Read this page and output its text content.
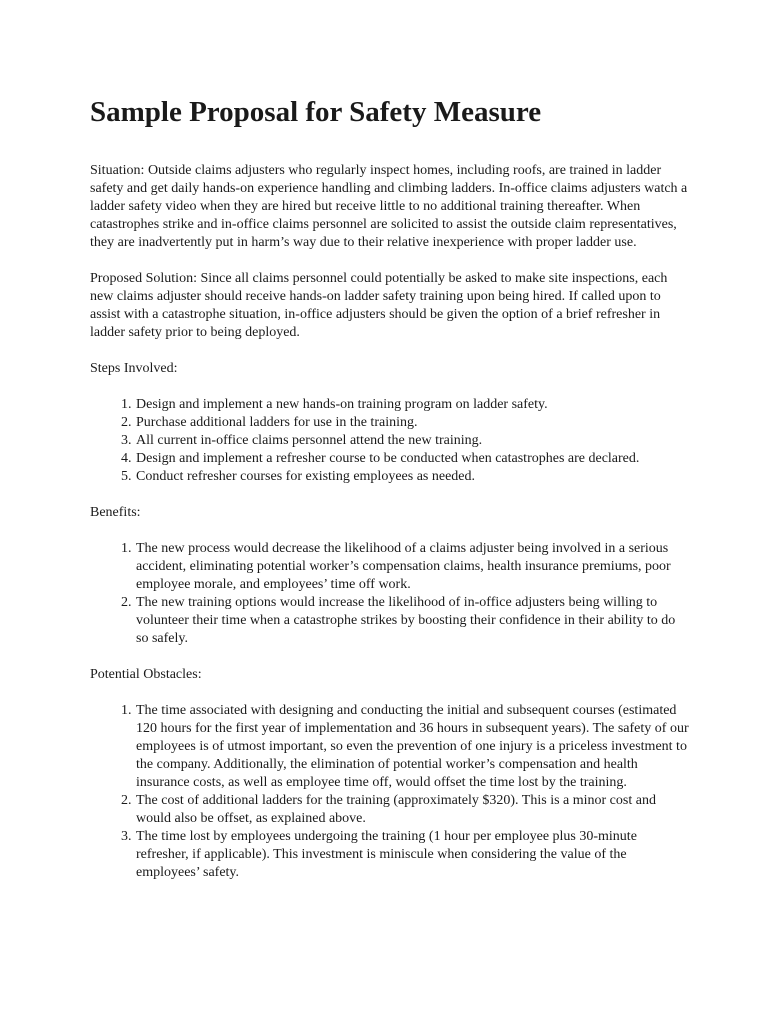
Sample Proposal for Safety Measure

Situation: Outside claims adjusters who regularly inspect homes, including roofs, are trained in ladder safety and get daily hands-on experience handling and climbing ladders. In-office claims adjusters watch a ladder safety video when they are hired but receive little to no additional training thereafter. When catastrophes strike and in-office claims personnel are solicited to assist the outside claim representatives, they are inadvertently put in harm’s way due to their relative inexperience with proper ladder use.

Proposed Solution: Since all claims personnel could potentially be asked to make site inspections, each new claims adjuster should receive hands-on ladder safety training upon being hired. If called upon to assist with a catastrophe situation, in-office adjusters should be given the option of a brief refresher in ladder safety prior to being deployed.

Steps Involved:

1. Design and implement a new hands-on training program on ladder safety.
2. Purchase additional ladders for use in the training.
3. All current in-office claims personnel attend the new training.
4. Design and implement a refresher course to be conducted when catastrophes are declared.
5. Conduct refresher courses for existing employees as needed.

Benefits:

1. The new process would decrease the likelihood of a claims adjuster being involved in a serious accident, eliminating potential worker’s compensation claims, health insurance premiums, poor employee morale, and employees’ time off work.
2. The new training options would increase the likelihood of in-office adjusters being willing to volunteer their time when a catastrophe strikes by boosting their confidence in their ability to do so safely.

Potential Obstacles:

1. The time associated with designing and conducting the initial and subsequent courses (estimated 120 hours for the first year of implementation and 36 hours in subsequent years). The safety of our employees is of utmost important, so even the prevention of one injury is a priceless investment to the company. Additionally, the elimination of potential worker’s compensation and health insurance costs, as well as employee time off, would offset the time lost by the training.
2. The cost of additional ladders for the training (approximately $320). This is a minor cost and would also be offset, as explained above.
3. The time lost by employees undergoing the training (1 hour per employee plus 30-minute refresher, if applicable). This investment is miniscule when considering the value of the employees’ safety.
